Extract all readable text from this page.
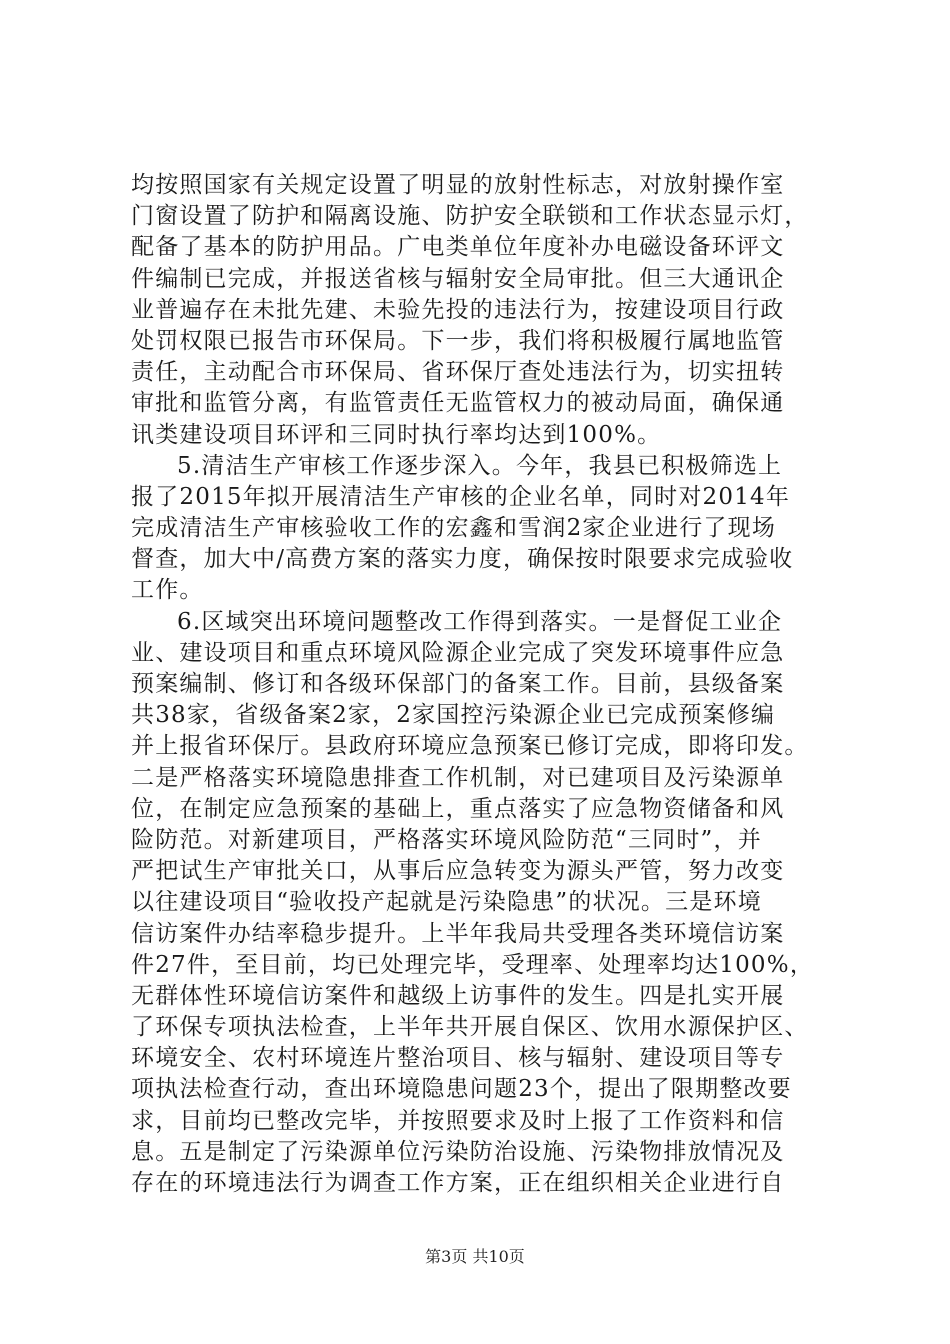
均按照国家有关规定设置了明显的放射性标志，对放射操作室
门窗设置了防护和隔离设施、防护安全联锁和工作状态显示灯，
配备了基本的防护用品。广电类单位年度补办电磁设备环评文
件编制已完成，并报送省核与辐射安全局审批。但三大通讯企
业普遍存在未批先建、未验先投的违法行为，按建设项目行政
处罚权限已报告市环保局。下一步，我们将积极履行属地监管
责任，主动配合市环保局、省环保厅查处违法行为，切实扭转
审批和监管分离，有监管责任无监管权力的被动局面，确保通
讯类建设项目环评和三同时执行率均达到100%。
5.清洁生产审核工作逐步深入。今年，我县已积极筛选上
报了2015年拟开展清洁生产审核的企业名单，同时对2014年
完成清洁生产审核验收工作的宏鑫和雪润2家企业进行了现场
督查，加大中/高费方案的落实力度，确保按时限要求完成验收
工作。
6.区域突出环境问题整改工作得到落实。一是督促工业企
业、建设项目和重点环境风险源企业完成了突发环境事件应急
预案编制、修订和各级环保部门的备案工作。目前，县级备案
共38家，省级备案2家，2家国控污染源企业已完成预案修编
并上报省环保厅。县政府环境应急预案已修订完成，即将印发。
二是严格落实环境隐患排查工作机制，对已建项目及污染源单
位，在制定应急预案的基础上，重点落实了应急物资储备和风
险防范。对新建项目，严格落实环境风险防范“三同时”，并
严把试生产审批关口，从事后应急转变为源头严管，努力改变
以往建设项目“验收投产起就是污染隐患”的状况。三是环境
信访案件办结率稳步提升。上半年我局共受理各类环境信访案
件27件，至目前，均已处理完毕，受理率、处理率均达100%，
无群体性环境信访案件和越级上访事件的发生。四是扎实开展
了环保专项执法检查，上半年共开展自保区、饮用水源保护区、
环境安全、农村环境连片整治项目、核与辐射、建设项目等专
项执法检查行动，查出环境隐患问题23个，提出了限期整改要
求，目前均已整改完毕，并按照要求及时上报了工作资料和信
息。五是制定了污染源单位污染防治设施、污染物排放情况及
存在的环境违法行为调查工作方案，正在组织相关企业进行自
第3页 共10页
